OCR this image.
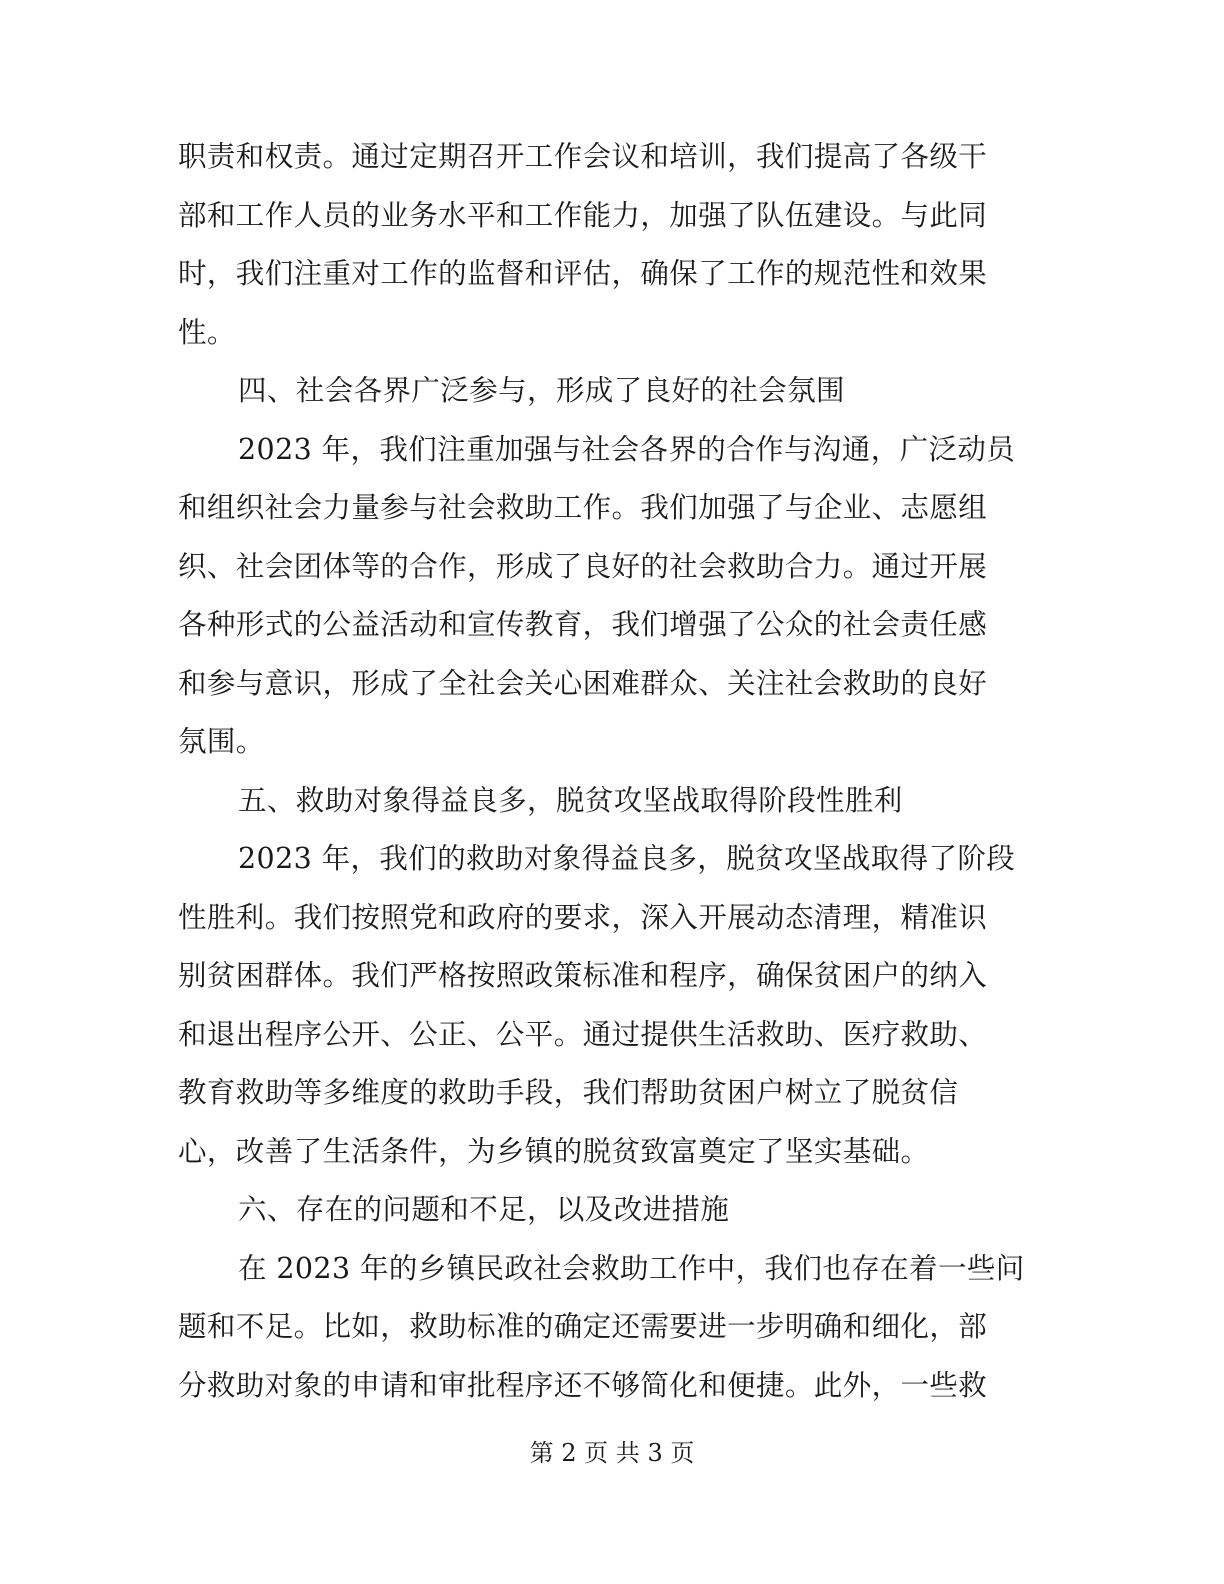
职责和权责。通过定期召开工作会议和培训，我们提高了各级干
部和工作人员的业务水平和工作能力，加强了队伍建设。与此同
时，我们注重对工作的监督和评估，确保了工作的规范性和效果
性。
四、社会各界广泛参与，形成了良好的社会氛围
2023 年，我们注重加强与社会各界的合作与沟通，广泛动员
和组织社会力量参与社会救助工作。我们加强了与企业、志愿组
织、社会团体等的合作，形成了良好的社会救助合力。通过开展
各种形式的公益活动和宣传教育，我们增强了公众的社会责任感
和参与意识，形成了全社会关心困难群众、关注社会救助的良好
氛围。
五、救助对象得益良多，脱贫攻坚战取得阶段性胜利
2023 年，我们的救助对象得益良多，脱贫攻坚战取得了阶段
性胜利。我们按照党和政府的要求，深入开展动态清理，精准识
别贫困群体。我们严格按照政策标准和程序，确保贫困户的纳入
和退出程序公开、公正、公平。通过提供生活救助、医疗救助、
教育救助等多维度的救助手段，我们帮助贫困户树立了脱贫信
心，改善了生活条件，为乡镇的脱贫致富奠定了坚实基础。
六、存在的问题和不足，以及改进措施
在 2023 年的乡镇民政社会救助工作中，我们也存在着一些问
题和不足。比如，救助标准的确定还需要进一步明确和细化，部
分救助对象的申请和审批程序还不够简化和便捷。此外，一些救
第 2 页 共 3 页
